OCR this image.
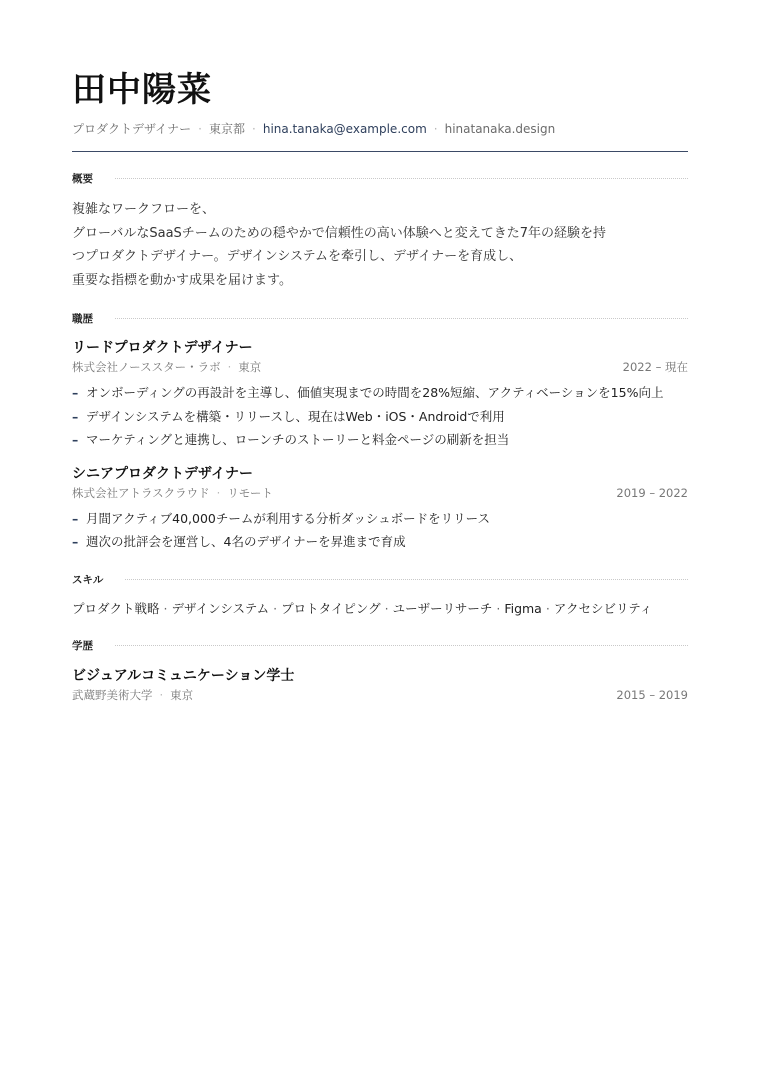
田中陽菜
プロダクトデザイナー · 東京都 · hina.tanaka@example.com · hinatanaka.design
概要
複雑なワークフローを、
グローバルなSaaSチームのための穏やかで信頼性の高い体験へと変えてきた7年の経験を持
つプロダクトデザイナー。デザインシステムを牽引し、デザイナーを育成し、
重要な指標を動かす成果を届けます。
職歴
リードプロダクトデザイナー
株式会社ノーススター・ラボ · 東京	2022 – 現在
– オンボーディングの再設計を主導し、価値実現までの時間を28%短縮、アクティベーションを15%向上
– デザインシステムを構築・リリースし、現在はWeb・iOS・Androidで利用
– マーケティングと連携し、ローンチのストーリーと料金ページの刷新を担当
シニアプロダクトデザイナー
株式会社アトラスクラウド · リモート	2019 – 2022
– 月間アクティブ40,000チームが利用する分析ダッシュボードをリリース
– 週次の批評会を運営し、4名のデザイナーを昇進まで育成
スキル
プロダクト戦略 · デザインシステム · プロトタイピング · ユーザーリサーチ · Figma · アクセシビリティ
学歴
ビジュアルコミュニケーション学士
武蔵野美術大学 · 東京	2015 – 2019
